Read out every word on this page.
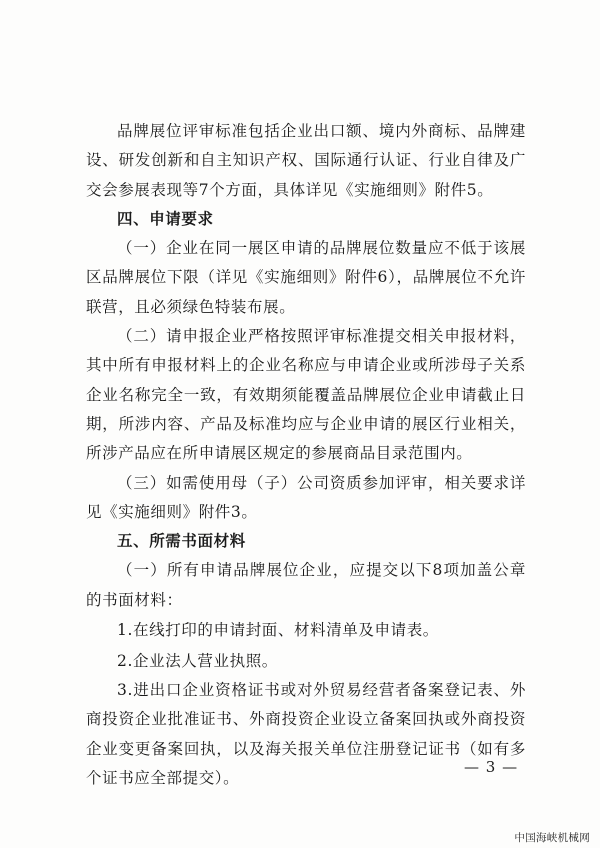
品牌展位评审标准包括企业出口额、境内外商标、品牌建设、研发创新和自主知识产权、国际通行认证、行业自律及广交会参展表现等7个方面，具体详见《实施细则》附件5。

四、申请要求

（一）企业在同一展区申请的品牌展位数量应不低于该展区品牌展位下限（详见《实施细则》附件6），品牌展位不允许联营，且必须绿色特装布展。

（二）请申报企业严格按照评审标准提交相关申报材料，其中所有申报材料上的企业名称应与申请企业或所涉母子关系企业名称完全一致，有效期须能覆盖品牌展位企业申请截止日期，所涉内容、产品及标准均应与企业申请的展区行业相关，所涉产品应在所申请展区规定的参展商品目录范围内。

（三）如需使用母（子）公司资质参加评审，相关要求详见《实施细则》附件3。

五、所需书面材料

（一）所有申请品牌展位企业，应提交以下8项加盖公章的书面材料：

1.在线打印的申请封面、材料清单及申请表。

2.企业法人营业执照。

3.进出口企业资格证书或对外贸易经营者备案登记表、外商投资企业批准证书、外商投资企业设立备案回执或外商投资企业变更备案回执，以及海关报关单位注册登记证书（如有多个证书应全部提交）。

— 3 —
中国海峡机械网
